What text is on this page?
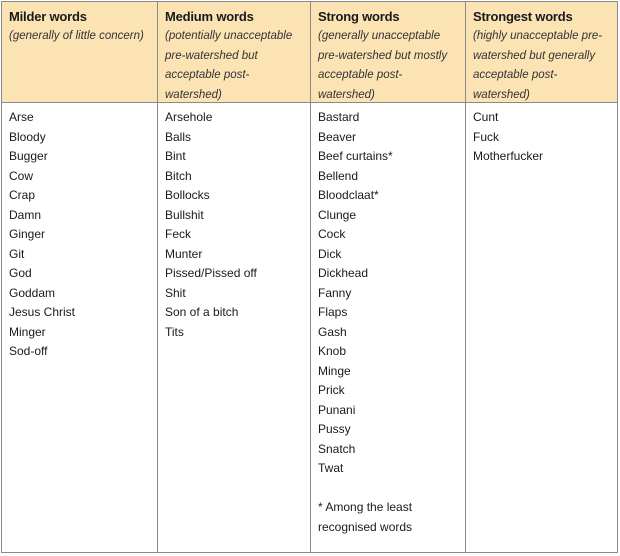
Milder words
(generally of little concern)
Arse
Bloody
Bugger
Cow
Crap
Damn
Ginger
Git
God
Goddam
Jesus Christ
Minger
Sod-off
Medium words
(potentially unacceptable pre-watershed but acceptable post-watershed)
Arsehole
Balls
Bint
Bitch
Bollocks
Bullshit
Feck
Munter
Pissed/Pissed off
Shit
Son of a bitch
Tits
Strong words
(generally unacceptable pre-watershed but mostly acceptable post-watershed)
Bastard
Beaver
Beef curtains*
Bellend
Bloodclaat*
Clunge
Cock
Dick
Dickhead
Fanny
Flaps
Gash
Knob
Minge
Prick
Punani
Pussy
Snatch
Twat
* Among the least recognised words
Strongest words
(highly unacceptable pre-watershed but generally acceptable post-watershed)
Cunt
Fuck
Motherfucker
